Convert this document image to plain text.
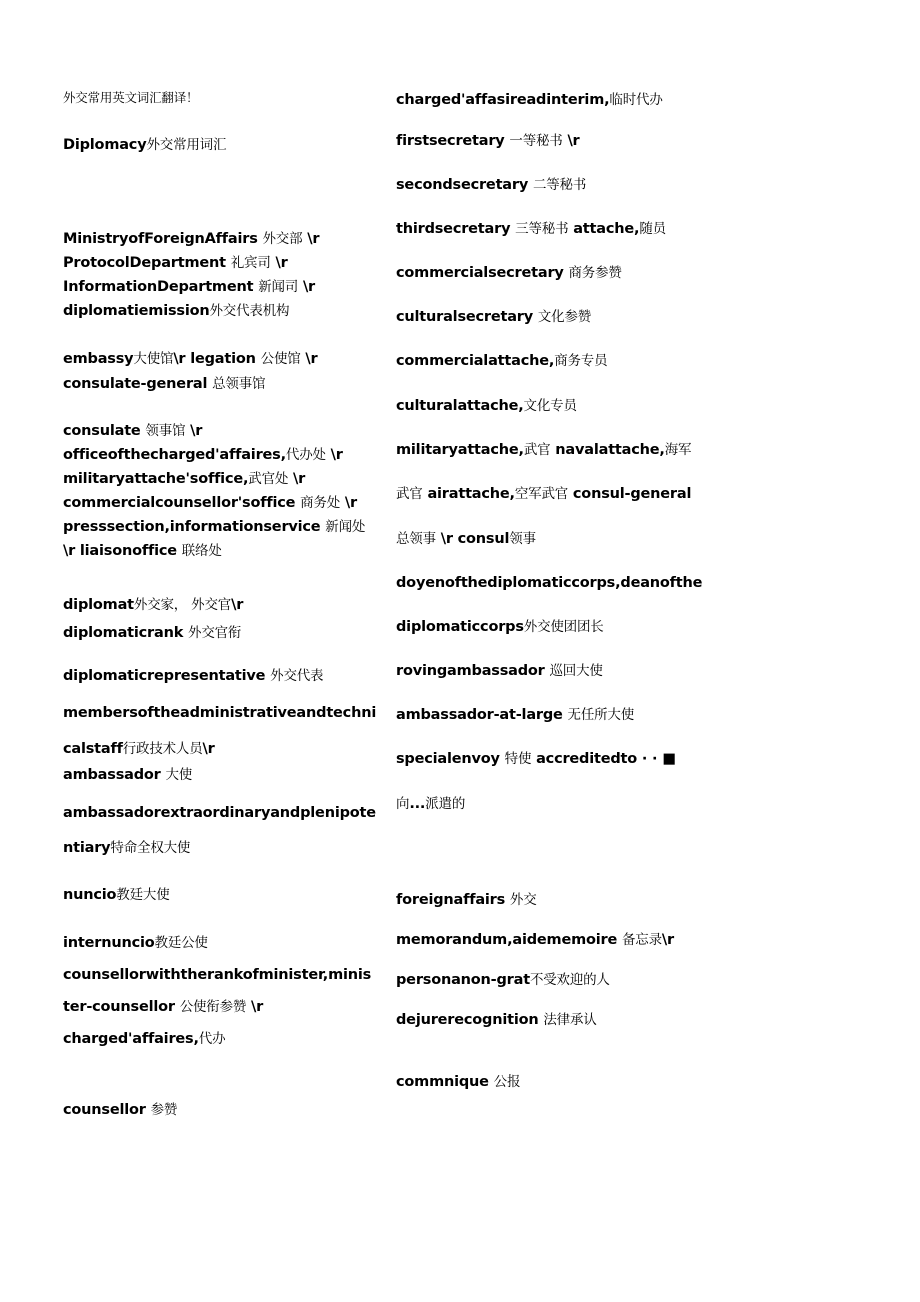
外交常用英文词汇翻译！
Diplomacy外交常用词汇
MinistryofForeignAffairs 外交部 \r
ProtocolDepartment 礼宾司 \r
InformationDepartment 新闻司 \r
diplomatiemission外交代表机构
embassy大使馆\r legation 公使馆 \r
consulate-general 总领事馆
consulate 领事馆 \r
officeofthecharged'affaires,代办处 \r
militaryattache'soffice,武官处 \r
commercialcounsellor'soffice 商务处 \r
presssection,informationservice 新闻处
\r liaisonoffice 联络处
diplomat外交家， 外交官\r
diplomaticrank 外交官衔
diplomaticrepresentative 外交代表
membersoftheadministrativeandtechni
calstaff行政技术人员\r
ambassador 大使
ambassadorextraordinaryandplenipote
ntiary特命全权大使
nuncio教廷大使
internuncio教廷公使
counsellorwiththerankofminister,minis
ter-counsellor 公使衔参赞 \r
charged'affaires,代办
counsellor 参赞
charged'affasireadinterim,临时代办
firstsecretary 一等秘书 \r
secondsecretary 二等秘书
thirdsecretary 三等秘书 attache,随员
commercialsecretary 商务参赞
culturalsecretary 文化参赞
commercialattache,商务专员
culturalattache,文化专员
militaryattache,武官 navalattache,海军
武官 airattache,空军武官 consul-general
总领事 \r consul领事
doyenofthediplomaticcorps,deanofthe
diplomaticcorps外交使团团长
rovingambassador 巡回大使
ambassador-at-large 无任所大使
specialenvoy 特使 accreditedto · · ■
向...派遣的
foreignaffairs 外交
memorandum,aidememoire 备忘录\r
personanon-grat不受欢迎的人
dejurerecognition 法律承认
commnique 公报
